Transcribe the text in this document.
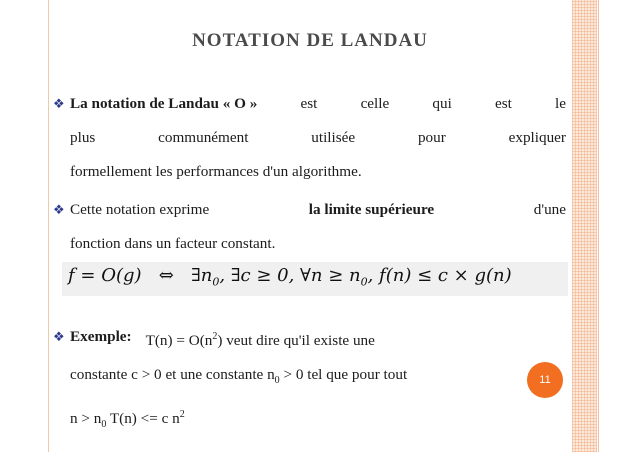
NOTATION DE LANDAU
❖ La notation de Landau « O »	est	celle	qui	est	le
plus	communément	utilisée	pour	expliquer
formellement les performances d'un algorithme.
❖ Cette notation exprime	la limite supérieure	d'une
fonction dans un facteur constant.
f = O(g) ⇔ $\exists n_0$, ∃c ≥ 0, ∀n ≥ $n_0$, f(n) ≤ c × g(n)
❖ Exemple: $T(n) = O(n^2)$ veut dire qu'il existe une
constante c > 0 et une constante $n_0 > 0$ tel que pour tout
$n > n_0$ T(n) <= c $n^2$
11
